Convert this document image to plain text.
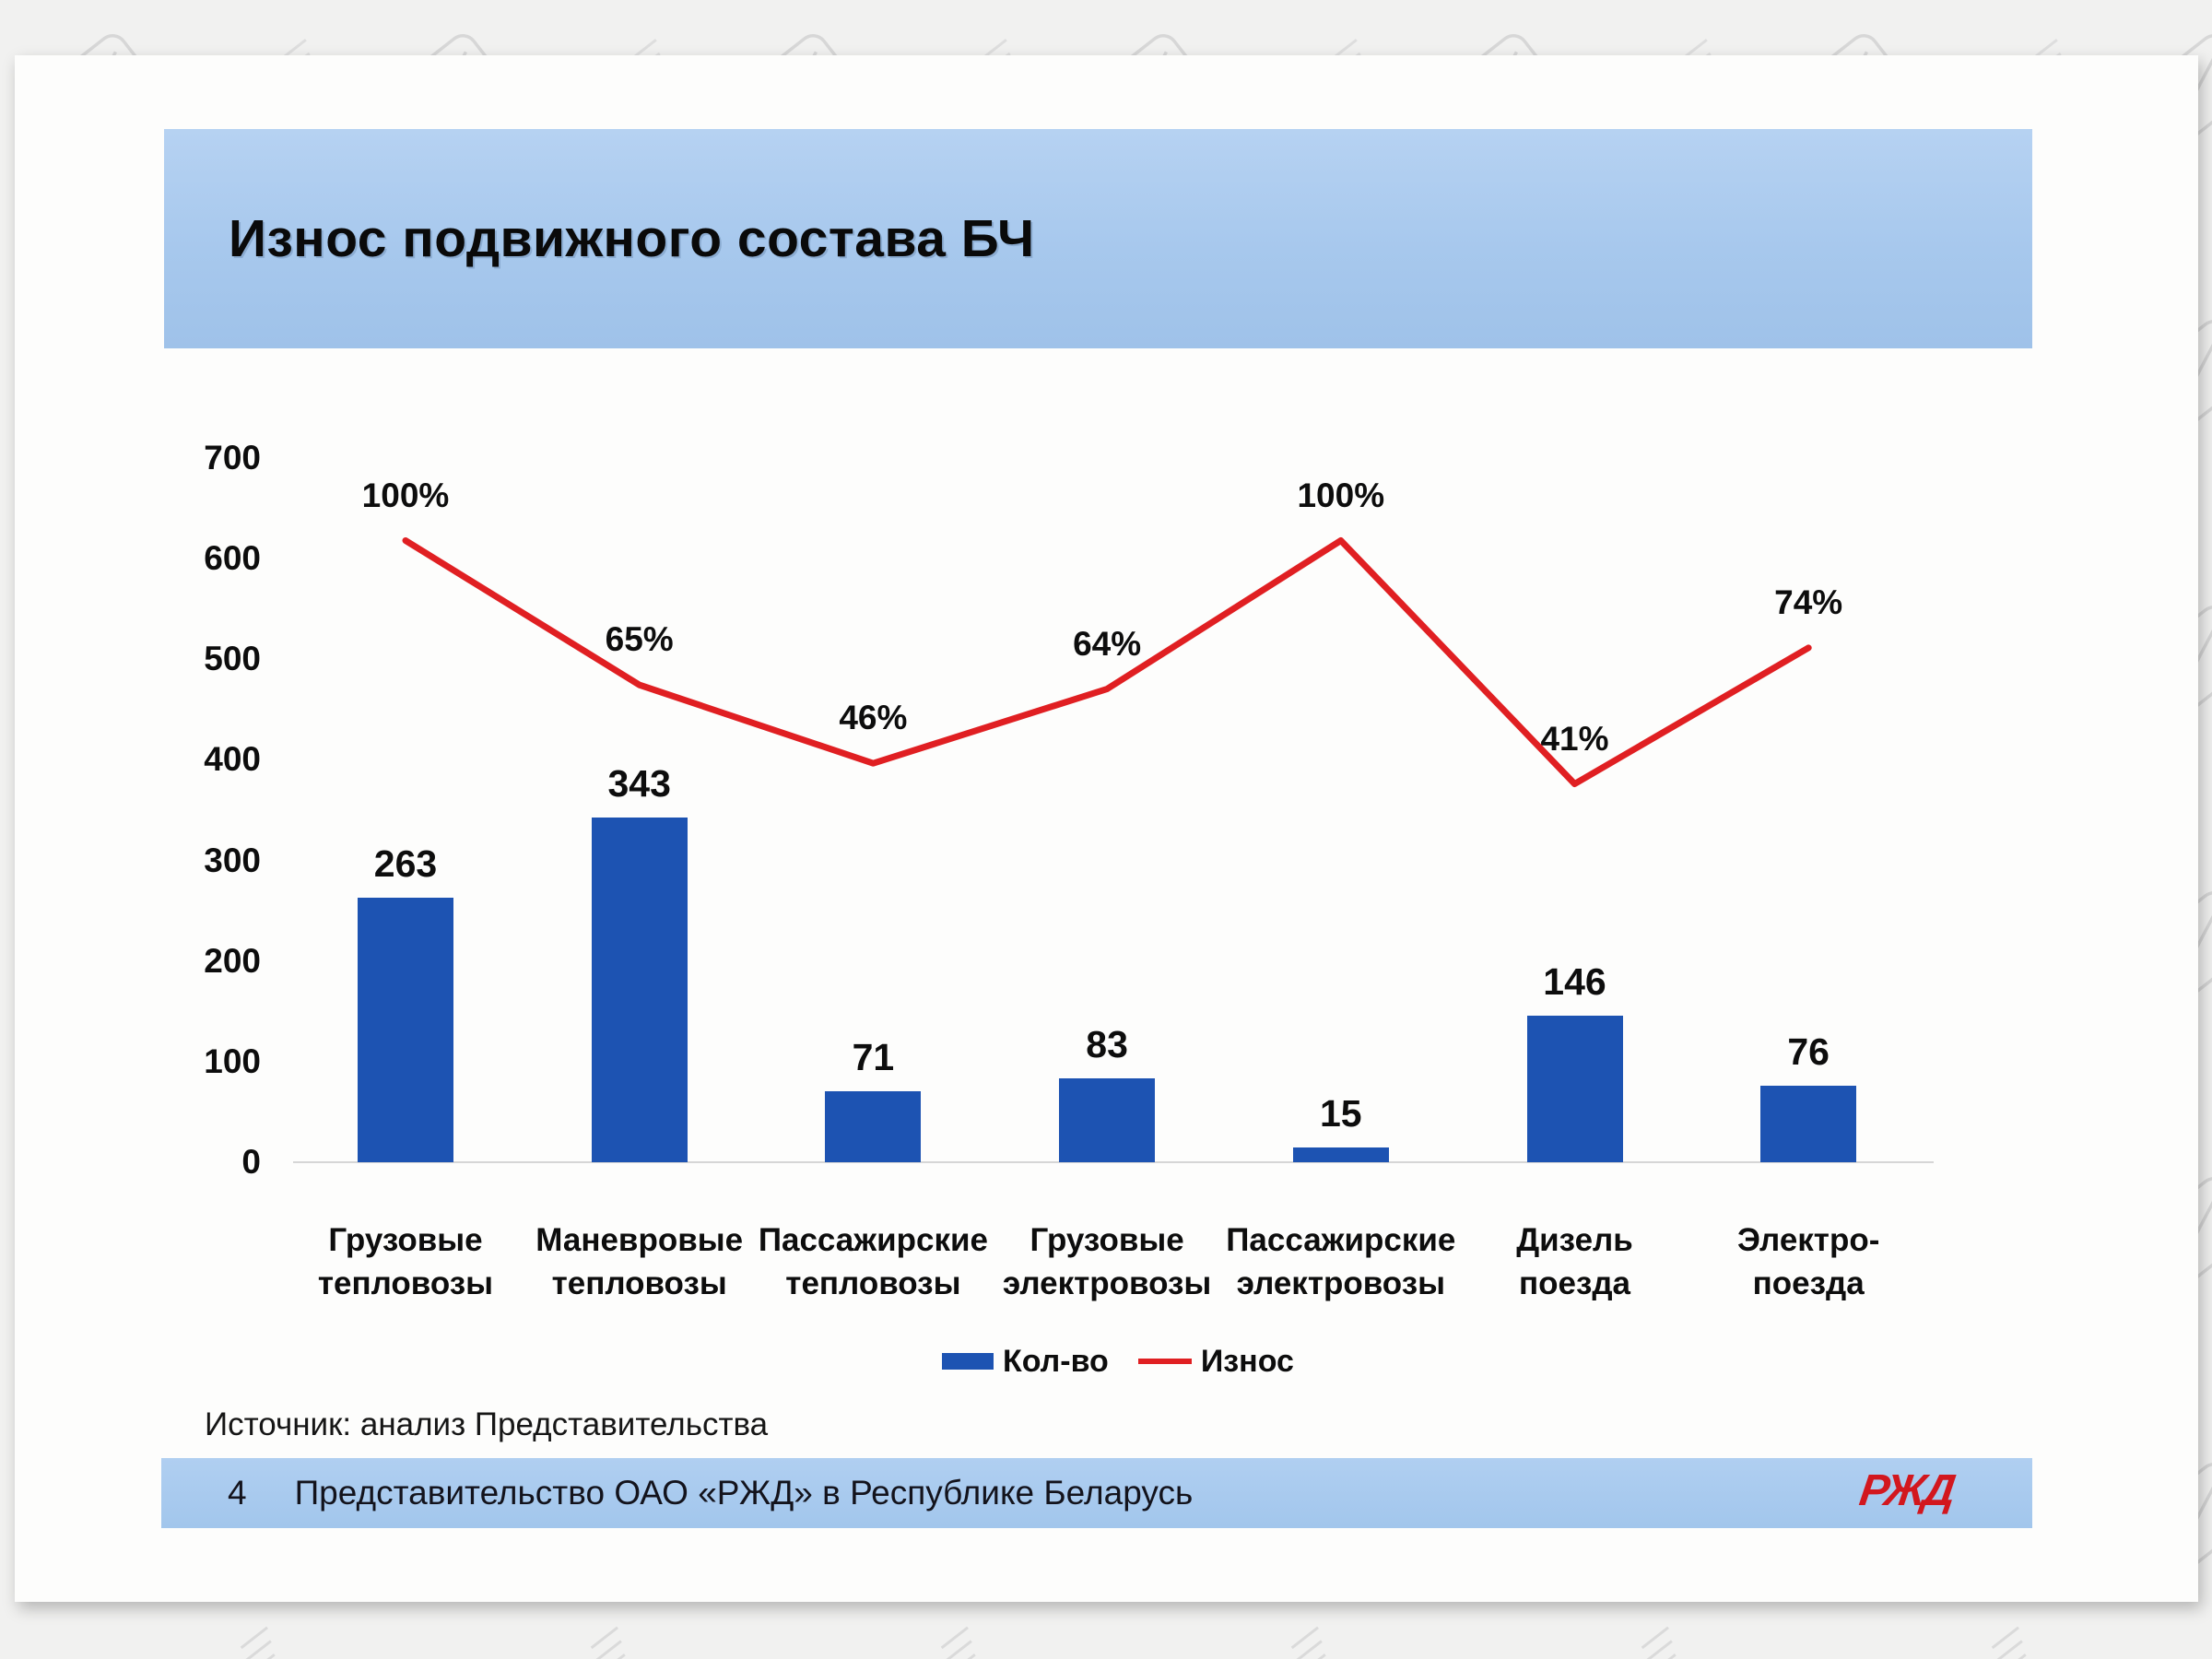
Износ подвижного состава БЧ
700
600
500
400
300
200
100
0
263
Грузовые
тепловозы
343
Маневровые
тепловозы
71
Пассажирские
тепловозы
83
Грузовые
электровозы
15
Пассажирские
электровозы
146
Дизель поезда
76
Электро-поезда
100%
65%
46%
64%
100%
41%
74%
Кол-во	Износ
Источник: анализ Представительства
4 Представительство ОАО «РЖД» в Республике Беларусь	РЖД
